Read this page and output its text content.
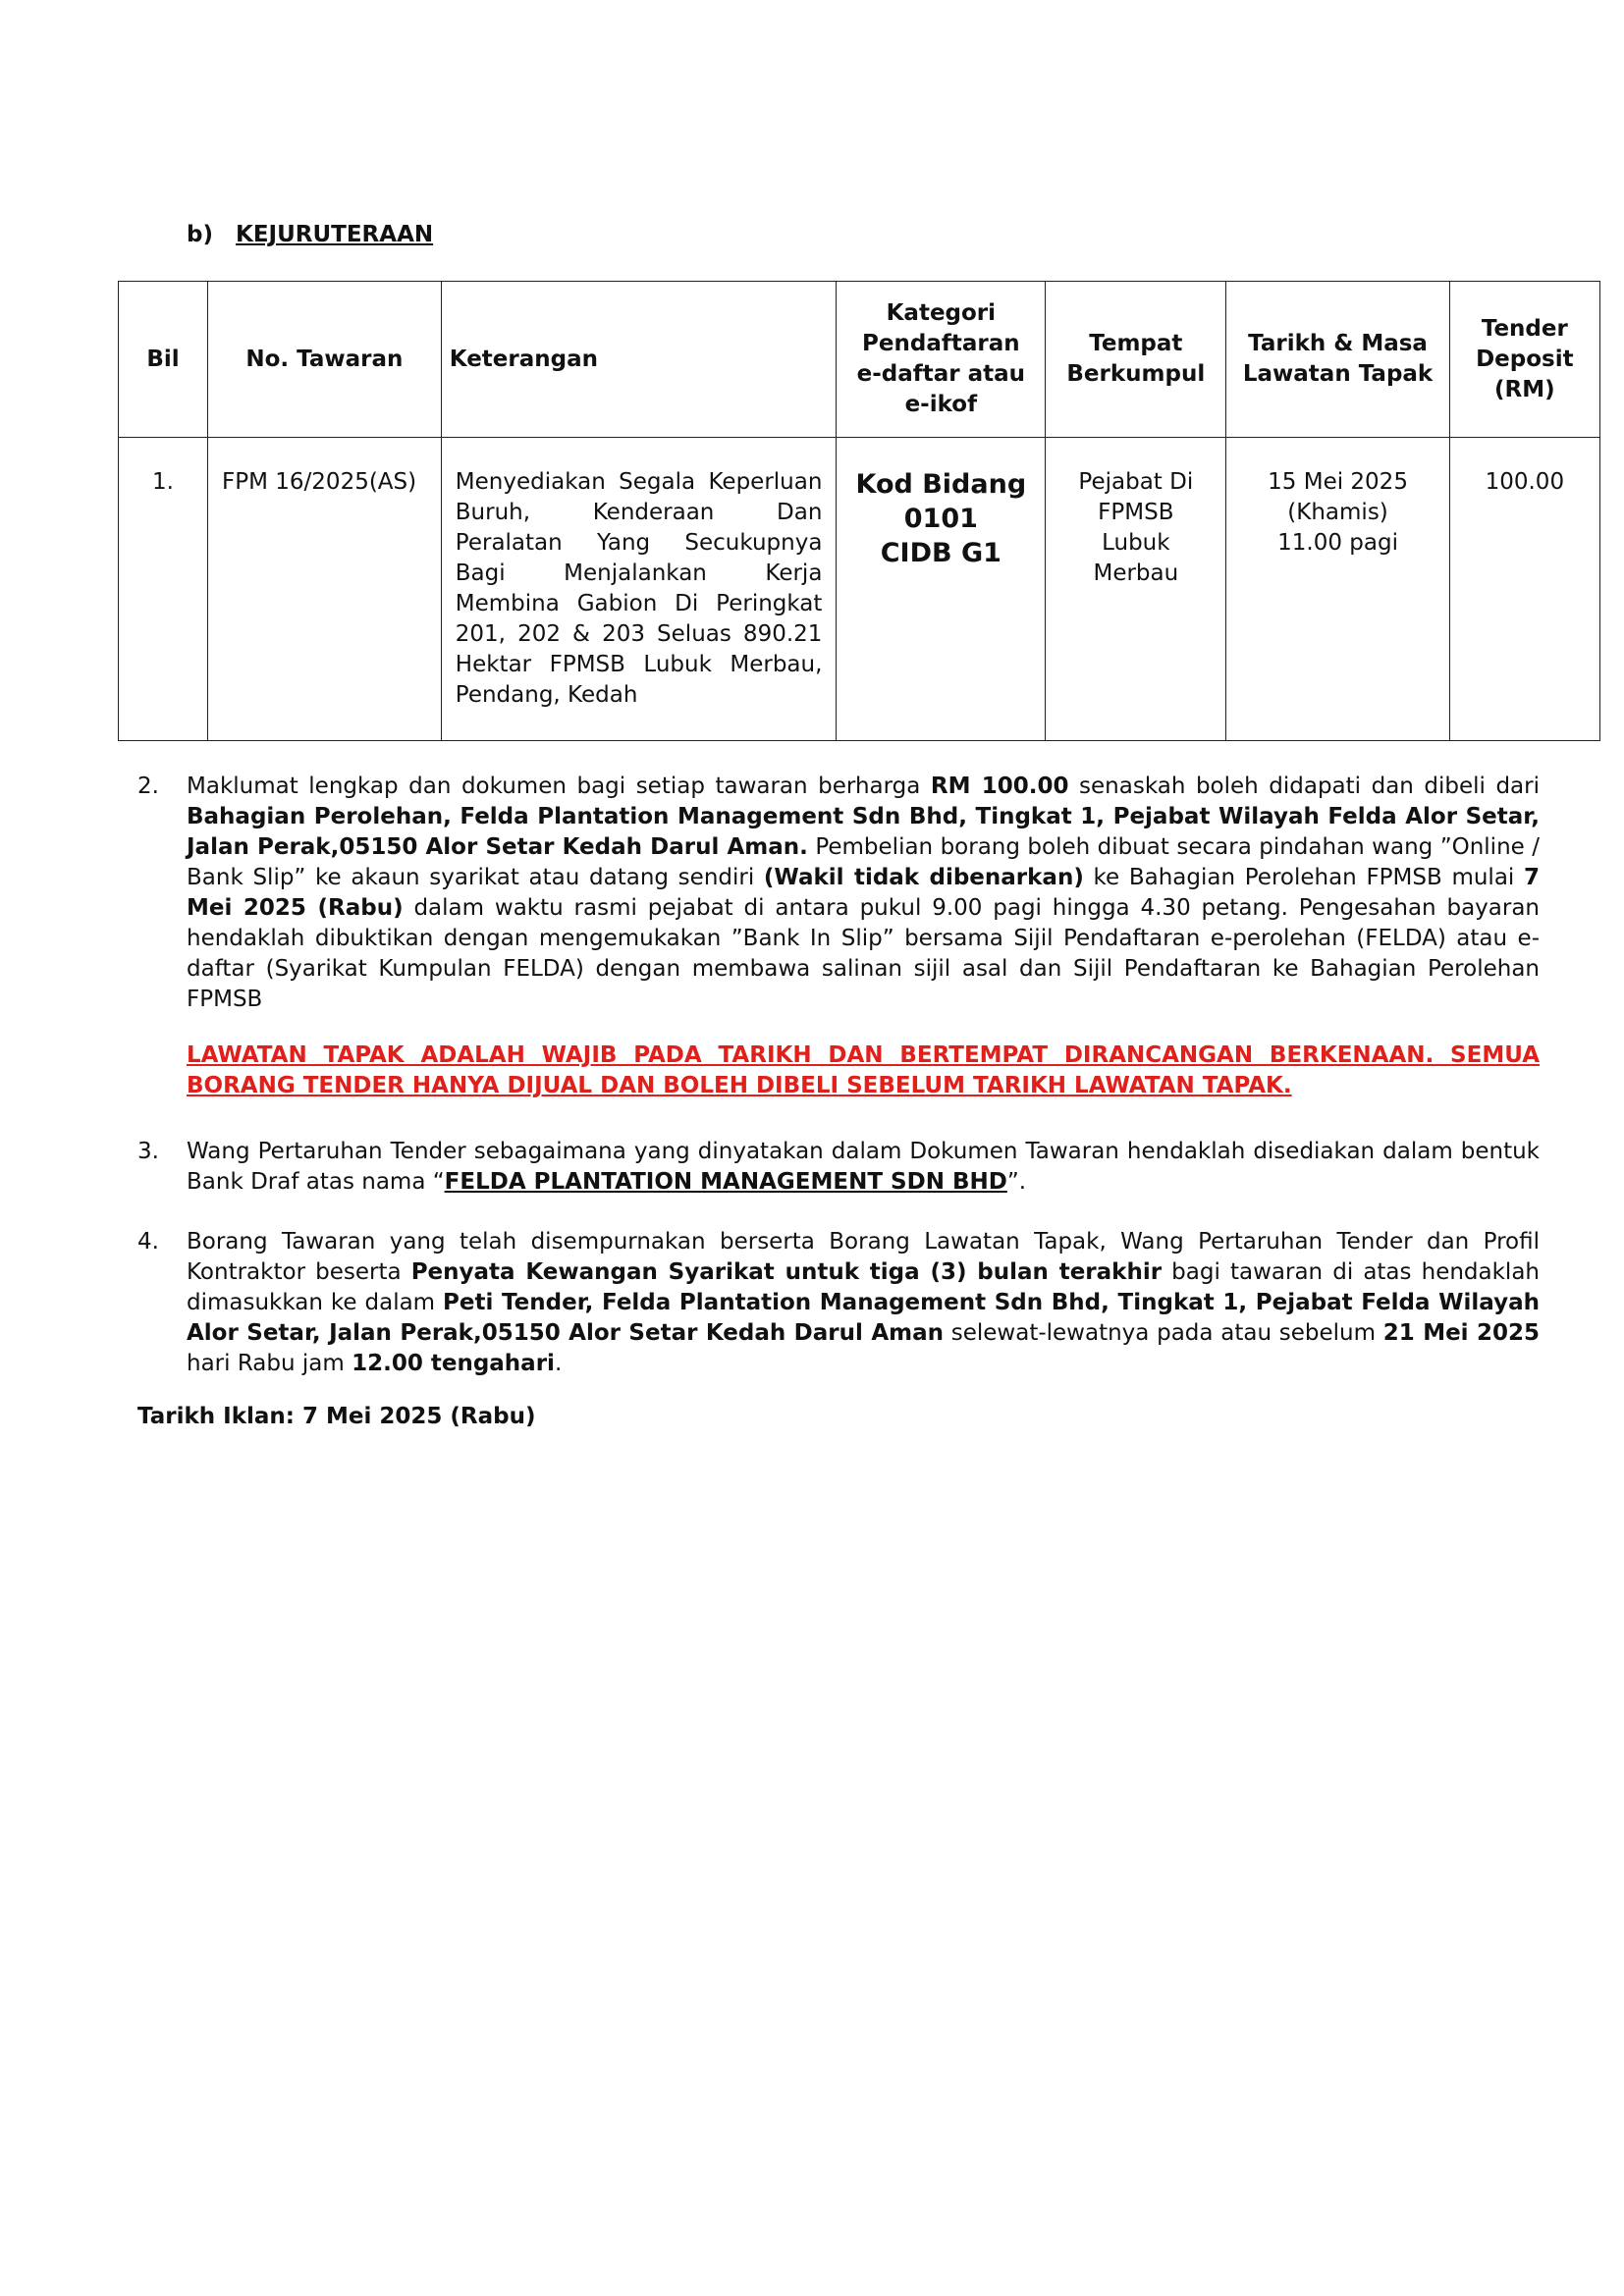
b) KEJURUTERAAN
Bil	No. Tawaran	Keterangan	Kategori
Pendaftaran
e-daftar atau
e-ikof	Tempat
Berkumpul	Tarikh & Masa
Lawatan Tapak	Tender
Deposit
(RM)

1.	FPM 16/2025(AS)	Menyediakan Segala Keperluan Buruh, Kenderaan Dan Peralatan Yang Secukupnya Bagi Menjalankan Kerja Membina Gabion Di Peringkat 201, 202 & 203 Seluas 890.21 Hektar FPMSB Lubuk Merbau, Pendang, Kedah	Kod Bidang
0101
CIDB G1	Pejabat Di
FPMSB
Lubuk
Merbau	15 Mei 2025
(Khamis)
11.00 pagi	100.00
2. Maklumat lengkap dan dokumen bagi setiap tawaran berharga RM 100.00 senaskah boleh didapati dan dibeli dari Bahagian Perolehan, Felda Plantation Management Sdn Bhd, Tingkat 1, Pejabat Wilayah Felda Alor Setar, Jalan Perak,05150 Alor Setar Kedah Darul Aman. Pembelian borang boleh dibuat secara pindahan wang ”Online / Bank Slip” ke akaun syarikat atau datang sendiri (Wakil tidak dibenarkan) ke Bahagian Perolehan FPMSB mulai 7 Mei 2025 (Rabu) dalam waktu rasmi pejabat di antara pukul 9.00 pagi hingga 4.30 petang. Pengesahan bayaran hendaklah dibuktikan dengan mengemukakan ”Bank In Slip” bersama Sijil Pendaftaran e-perolehan (FELDA) atau e-daftar (Syarikat Kumpulan FELDA) dengan membawa salinan sijil asal dan Sijil Pendaftaran ke Bahagian Perolehan FPMSB
LAWATAN TAPAK ADALAH WAJIB PADA TARIKH DAN BERTEMPAT DIRANCANGAN BERKENAAN. SEMUA BORANG TENDER HANYA DIJUAL DAN BOLEH DIBELI SEBELUM TARIKH LAWATAN TAPAK.
3. Wang Pertaruhan Tender sebagaimana yang dinyatakan dalam Dokumen Tawaran hendaklah disediakan dalam bentuk Bank Draf atas nama “FELDA PLANTATION MANAGEMENT SDN BHD”.
4. Borang Tawaran yang telah disempurnakan berserta Borang Lawatan Tapak, Wang Pertaruhan Tender dan Profil Kontraktor beserta Penyata Kewangan Syarikat untuk tiga (3) bulan terakhir bagi tawaran di atas hendaklah dimasukkan ke dalam Peti Tender, Felda Plantation Management Sdn Bhd, Tingkat 1, Pejabat Felda Wilayah Alor Setar, Jalan Perak,05150 Alor Setar Kedah Darul Aman selewat-lewatnya pada atau sebelum 21 Mei 2025 hari Rabu jam 12.00 tengahari.
Tarikh Iklan: 7 Mei 2025 (Rabu)
